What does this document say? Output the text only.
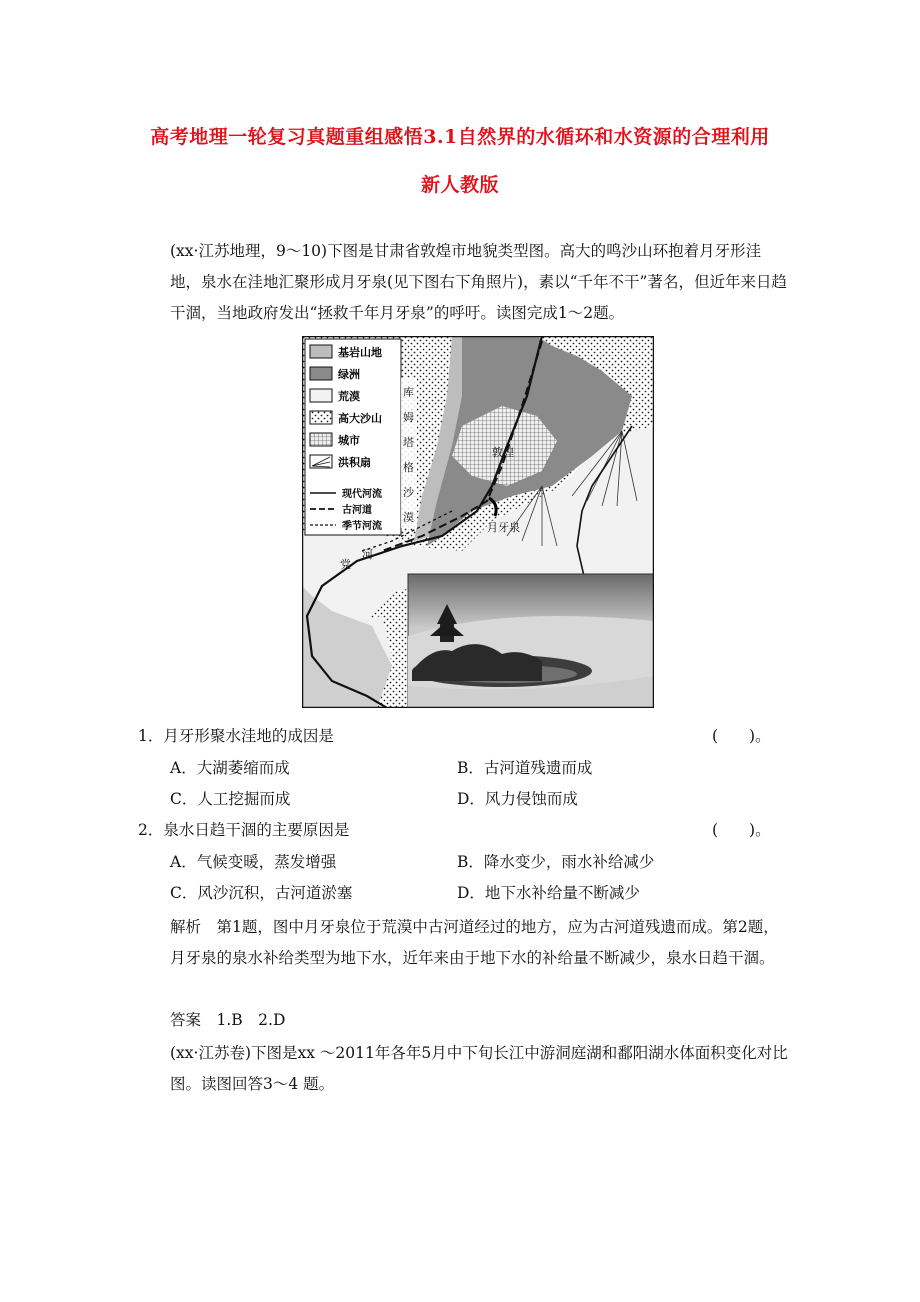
高考地理一轮复习真题重组感悟3.1自然界的水循环和水资源的合理利用
新人教版
(xx·江苏地理，9～10)下图是甘肃省敦煌市地貌类型图。高大的鸣沙山环抱着月牙形洼地，泉水在洼地汇聚形成月牙泉(见下图右下角照片)，素以“千年不干”著名，但近年来日趋干涸，当地政府发出“拯救千年月牙泉”的呼吁。读图完成1～2题。
基岩山地
绿洲
荒漠
高大沙山
城市
洪积扇
现代河流
古河道
季节河流
库
姆
塔
格
沙
漠
敦煌
月牙泉
河
党
1．月牙形聚水洼地的成因是	(　　)。
A．大湖萎缩而成	B．古河道残遗而成
C．人工挖掘而成	D．风力侵蚀而成
2．泉水日趋干涸的主要原因是	(　　)。
A．气候变暖，蒸发增强	B．降水变少，雨水补给减少
C．风沙沉积，古河道淤塞	D．地下水补给量不断减少
解析　第1题，图中月牙泉位于荒漠中古河道经过的地方，应为古河道残遗而成。第2题，月牙泉的泉水补给类型为地下水，近年来由于地下水的补给量不断减少，泉水日趋干涸。
答案　1.B　2.D
(xx·江苏卷)下图是xx ～2011年各年5月中下旬长江中游洞庭湖和鄱阳湖水体面积变化对比图。读图回答3～4 题。
